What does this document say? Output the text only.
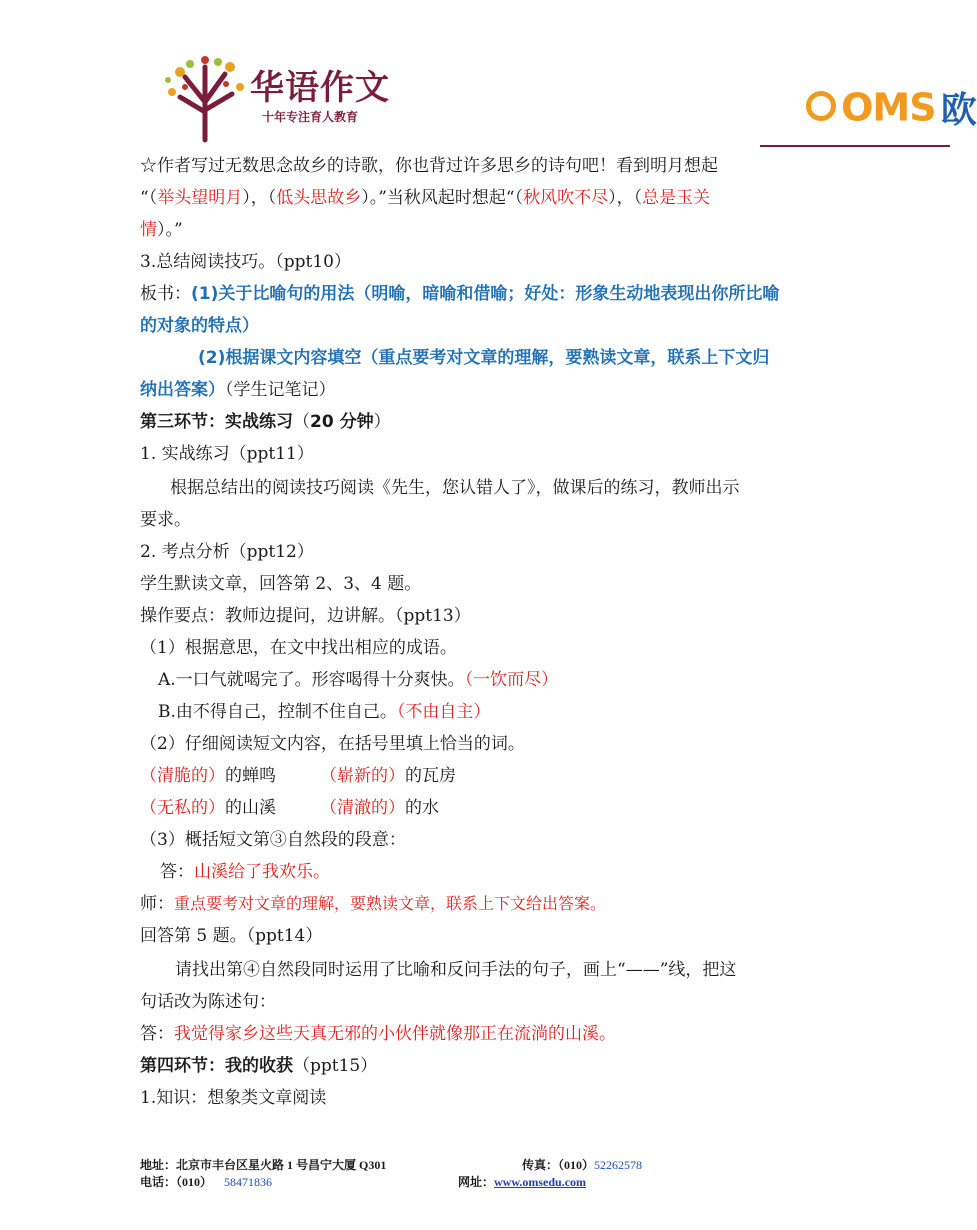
华语作文
十年专注育人教育	OMS 欧
☆作者写过无数思念故乡的诗歌，你也背过许多思乡的诗句吧！看到明月想起
“（举头望明月），（低头思故乡）。”当秋风起时想起“（秋风吹不尽），（总是玉关
情）。”
3.总结阅读技巧。（ppt10）
板书：(1)关于比喻句的用法（明喻，暗喻和借喻；好处：形象生动地表现出你所比喻
的对象的特点）
(2)根据课文内容填空（重点要考对文章的理解，要熟读文章，联系上下文归
纳出答案）（学生记笔记）
第三环节：实战练习（20 分钟）
1. 实战练习（ppt11）
根据总结出的阅读技巧阅读《先生，您认错人了》，做课后的练习，教师出示
要求。
2. 考点分析（ppt12）
学生默读文章，回答第 2、3、4 题。
操作要点：教师边提问，边讲解。（ppt13）
（1）根据意思，在文中找出相应的成语。
A.一口气就喝完了。形容喝得十分爽快。（一饮而尽）
B.由不得自己，控制不住自己。（不由自主）
（2）仔细阅读短文内容，在括号里填上恰当的词。
（清脆的）的蝉鸣	（崭新的）的瓦房
（无私的）的山溪	（清澈的）的水
（3）概括短文第③自然段的段意：
答：山溪给了我欢乐。
师：重点要考对文章的理解，要熟读文章，联系上下文给出答案。
回答第 5 题。（ppt14）
请找出第④自然段同时运用了比喻和反问手法的句子，画上“——”线，把这
句话改为陈述句：
答：我觉得家乡这些天真无邪的小伙伴就像那正在流淌的山溪。
第四环节：我的收获（ppt15）
1.知识：想象类文章阅读
地址：北京市丰台区星火路 1 号昌宁大厦 Q301	传真：（010）52262578
电话：（010） 58471836	网址：www.omsedu.com
